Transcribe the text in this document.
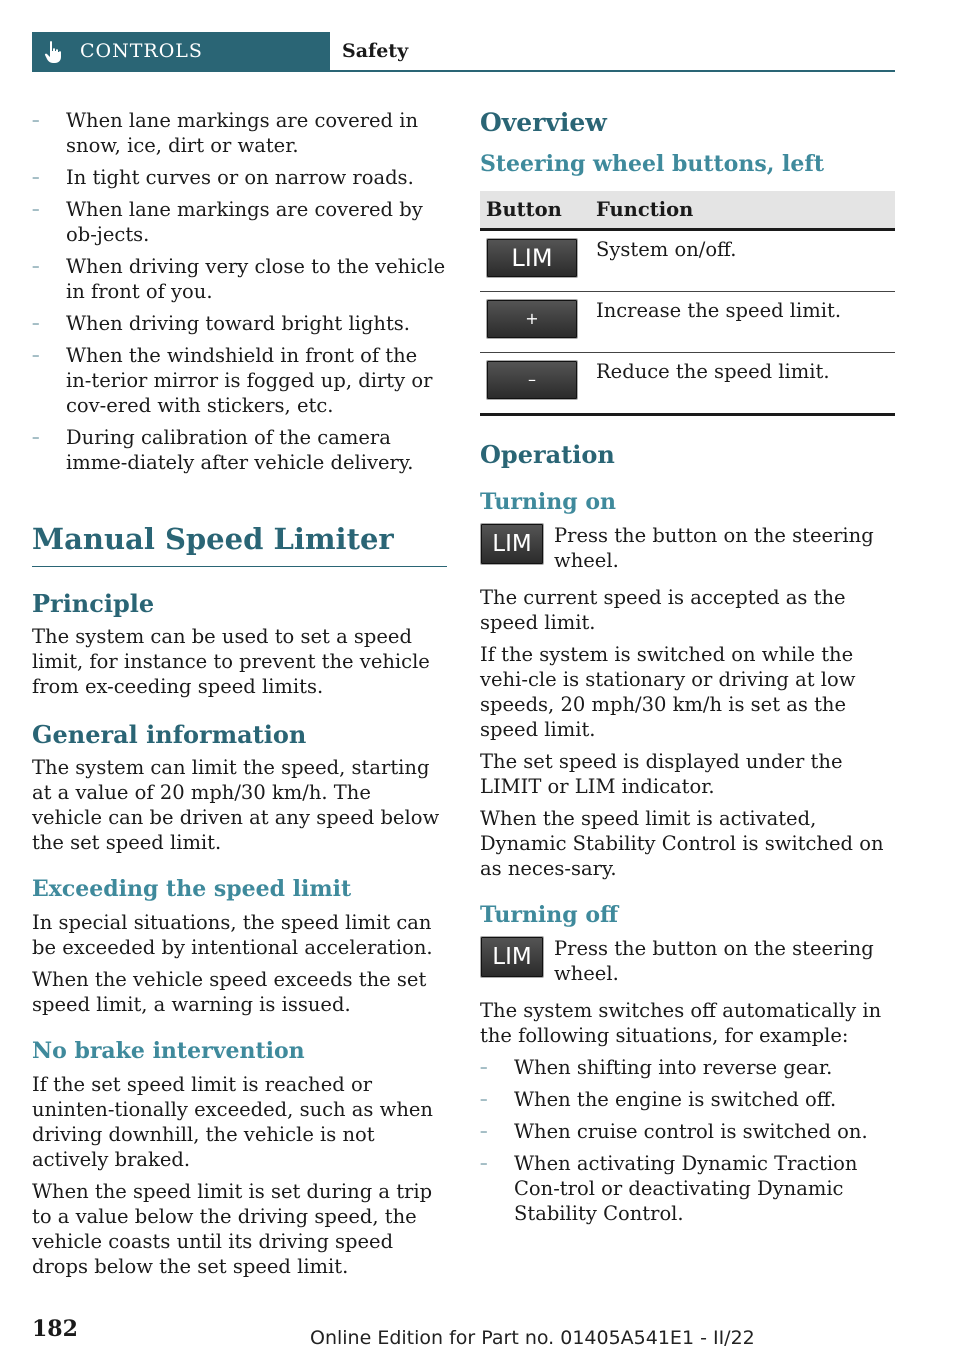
CONTROLS	Safety
– When lane markings are covered in snow, ice, dirt or water.
– In tight curves or on narrow roads.
– When lane markings are covered by ob-jects.
– When driving very close to the vehicle in front of you.
– When driving toward bright lights.
– When the windshield in front of the in-terior mirror is fogged up, dirty or cov-ered with stickers, etc.
– During calibration of the camera imme-diately after vehicle delivery.
Manual Speed Limiter
Principle

The system can be used to set a speed limit, for instance to prevent the vehicle from ex-ceeding speed limits.

General information

The system can limit the speed, starting at a value of 20 mph/30 km/h. The vehicle can be driven at any speed below the set speed limit.

Exceeding the speed limit

In special situations, the speed limit can be exceeded by intentional acceleration.

When the vehicle speed exceeds the set speed limit, a warning is issued.

No brake intervention

If the set speed limit is reached or uninten-tionally exceeded, such as when driving downhill, the vehicle is not actively braked.

When the speed limit is set during a trip to a value below the driving speed, the vehicle coasts until its driving speed drops below the set speed limit.

Overview
Steering wheel buttons, left
Button	Function
LIM	System on/off.
+	Increase the speed limit.
–	Reduce the speed limit.
Operation
Turning on
LIM	Press the button on the steering wheel.

The current speed is accepted as the speed limit.

If the system is switched on while the vehi-cle is stationary or driving at low speeds, 20 mph/30 km/h is set as the speed limit.

The set speed is displayed under the LIMIT or LIM indicator.

When the speed limit is activated, Dynamic Stability Control is switched on as neces-sary.

Turning off
LIM	Press the button on the steering wheel.

The system switches off automatically in the following situations, for example:

– When shifting into reverse gear.
– When the engine is switched off.
– When cruise control is switched on.
– When activating Dynamic Traction Con-trol or deactivating Dynamic Stability Control.
182	Online Edition for Part no. 01405A541E1 - II/22
